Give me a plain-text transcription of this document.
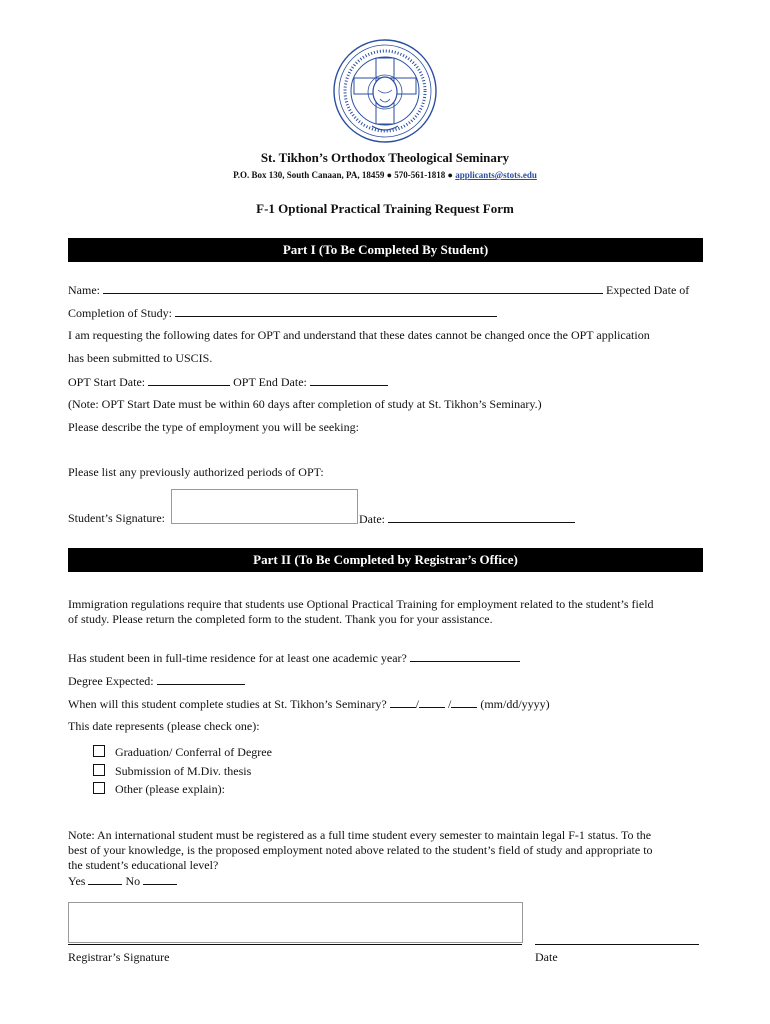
St. Tikhon’s Orthodox Theological Seminary
P.O. Box 130, South Canaan, PA, 18459 ● 570-561-1818 ● applicants@stots.edu
F-1 Optional Practical Training Request Form
Part I (To Be Completed By Student)
Name:	Expected Date of
Completion of Study:
I am requesting the following dates for OPT and understand that these dates cannot be changed once the OPT application
has been submitted to USCIS.
OPT Start Date:	OPT End Date:
(Note: OPT Start Date must be within 60 days after completion of study at St. Tikhon’s Seminary.)
Please describe the type of employment you will be seeking:
Please list any previously authorized periods of OPT:
Student’s Signature:	Date:
Part II (To Be Completed by Registrar’s Office)
Immigration regulations require that students use Optional Practical Training for employment related to the student’s field
of study. Please return the completed form to the student. Thank you for your assistance.
Has student been in full-time residence for at least one academic year?
Degree Expected:
When will this student complete studies at St. Tikhon’s Seminary? / / (mm/dd/yyyy)
This date represents (please check one):
Graduation/ Conferral of Degree
Submission of M.Div. thesis
Other (please explain):
Note: An international student must be registered as a full time student every semester to maintain legal F-1 status. To the
best of your knowledge, is the proposed employment noted above related to the student’s field of study and appropriate to
the student’s educational level?
Yes	No
Registrar’s Signature	Date
